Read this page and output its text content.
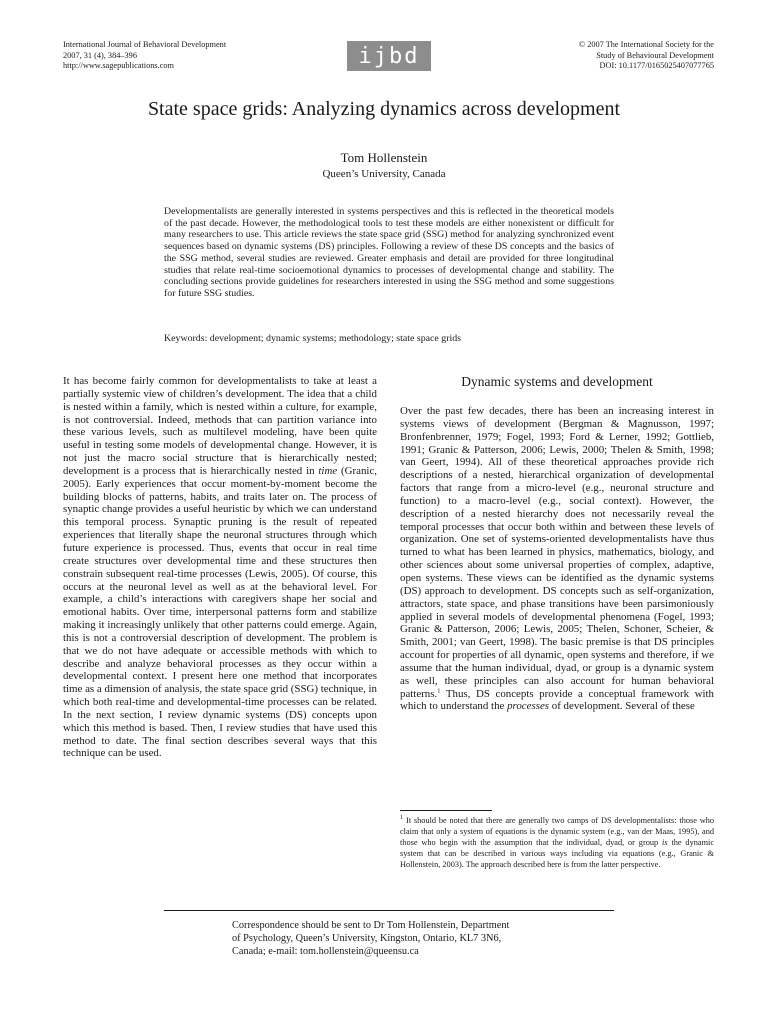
International Journal of Behavioral Development
2007, 31 (4), 384–396
http://www.sagepublications.com	ijbd	© 2007 The International Society for the
Study of Behavioural Development
DOI: 10.1177/0165025407077765
State space grids: Analyzing dynamics across development
Tom Hollenstein
Queen’s University, Canada

Developmentalists are generally interested in systems perspectives and this is reflected in the theoretical models of the past decade. However, the methodological tools to test these models are either nonexistent or difficult for many researchers to use. This article reviews the state space grid (SSG) method for analyzing synchronized event sequences based on dynamic systems (DS) principles. Following a review of these DS concepts and the basics of the SSG method, several studies are reviewed. Greater emphasis and detail are provided for three longitudinal studies that relate real-time socioemotional dynamics to processes of developmental change and stability. The concluding sections provide guidelines for researchers interested in using the SSG method and some suggestions for future SSG studies.

Keywords: development; dynamic systems; methodology; state space grids

It has become fairly common for developmentalists to take at least a partially systemic view of children’s development. The idea that a child is nested within a family, which is nested within a culture, for example, is not controversial. Indeed, methods that can partition variance into these various levels, such as multilevel modeling, have been quite useful in testing some models of developmental change. However, it is not just the macro social structure that is hierarchically nested; development is a process that is hierarchically nested in time (Granic, 2005). Early experiences that occur moment-by-moment become the building blocks of patterns, habits, and traits later on. The process of synaptic change provides a useful heuristic by which we can understand this temporal process. Synaptic pruning is the result of repeated experiences that literally shape the neuronal structures through which future experience is processed. Thus, events that occur in real time create structures over developmental time and these structures then constrain subsequent real-time processes (Lewis, 2005). Of course, this occurs at the neuronal level as well as at the behavioral level. For example, a child’s interactions with caregivers shape her social and emotional habits. Over time, interpersonal patterns form and stabilize making it increasingly unlikely that other patterns could emerge. Again, this is not a controversial description of development. The problem is that we do not have adequate or accessible methods with which to describe and analyze behavioral processes as they occur within a developmental context. I present here one method that incorporates time as a dimension of analysis, the state space grid (SSG) technique, in which both real-time and developmental-time processes can be related. In the next section, I review dynamic systems (DS) concepts upon which this method is based. Then, I review studies that have used this method to date. The final section describes several ways that this technique can be used.

Dynamic systems and development

Over the past few decades, there has been an increasing interest in systems views of development (Bergman & Magnusson, 1997; Bronfenbrenner, 1979; Fogel, 1993; Ford & Lerner, 1992; Gottlieb, 1991; Granic & Patterson, 2006; Lewis, 2000; Thelen & Smith, 1998; van Geert, 1994). All of these theoretical approaches provide rich descriptions of a nested, hierarchical organization of developmental factors that range from a micro-level (e.g., neuronal structure and function) to a macro-level (e.g., social context). However, the description of a nested hierarchy does not necessarily reveal the temporal processes that occur both within and between these levels of organization. One set of systems-oriented developmentalists have thus turned to what has been learned in physics, mathematics, biology, and other sciences about some universal properties of complex, adaptive, open systems. These views can be identified as the dynamic systems (DS) approach to development. DS concepts such as self-organization, attractors, state space, and phase transitions have been parsimoniously applied in several models of developmental phenomena (Fogel, 1993; Granic & Patterson, 2006; Lewis, 2005; Thelen, Schoner, Scheier, & Smith, 2001; van Geert, 1998). The basic premise is that DS principles account for properties of all dynamic, open systems and therefore, if we assume that the human individual, dyad, or group is a dynamic system as well, these principles can also account for human behavioral patterns.$^1$ Thus, DS concepts provide a conceptual framework with which to understand the processes of development. Several of these

$^1$ It should be noted that there are generally two camps of DS developmentalists: those who claim that only a system of equations is the dynamic system (e.g., van der Maas, 1995), and those who begin with the assumption that the individual, dyad, or group is the dynamic system that can be described in various ways including via equations (e.g., Granic & Hollenstein, 2003). The approach described here is from the latter perspective.

Correspondence should be sent to Dr Tom Hollenstein, Department
of Psychology, Queen’s University, Kingston, Ontario, KL7 3N6,
Canada; e-mail: tom.hollenstein@queensu.ca
